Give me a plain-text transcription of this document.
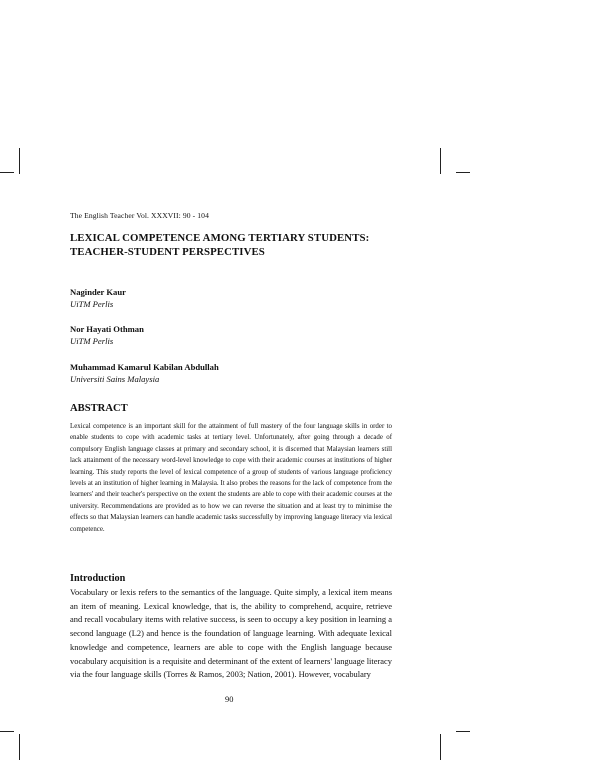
The English Teacher Vol. XXXVII: 90 - 104
LEXICAL COMPETENCE AMONG TERTIARY STUDENTS:
TEACHER-STUDENT PERSPECTIVES
Naginder Kaur
UiTM Perlis
Nor Hayati Othman
UiTM Perlis
Muhammad Kamarul Kabilan Abdullah
Universiti Sains Malaysia
ABSTRACT
Lexical competence is an important skill for the attainment of full mastery of the four language skills in order to enable students to cope with academic tasks at tertiary level. Unfortunately, after going through a decade of compulsory English language classes at primary and secondary school, it is discerned that Malaysian learners still lack attainment of the necessary word-level knowledge to cope with their academic courses at institutions of higher learning. This study reports the level of lexical competence of a group of students of various language proficiency levels at an institution of higher learning in Malaysia. It also probes the reasons for the lack of competence from the learners' and their teacher's perspective on the extent the students are able to cope with their academic courses at the university. Recommendations are provided as to how we can reverse the situation and at least try to minimise the effects so that Malaysian learners can handle academic tasks successfully by improving language literacy via lexical competence.
Introduction
Vocabulary or lexis refers to the semantics of the language. Quite simply, a lexical item means an item of meaning. Lexical knowledge, that is, the ability to comprehend, acquire, retrieve and recall vocabulary items with relative success, is seen to occupy a key position in learning a second language (L2) and hence is the foundation of language learning. With adequate lexical knowledge and competence, learners are able to cope with the English language because vocabulary acquisition is a requisite and determinant of the extent of learners' language literacy via the four language skills (Torres & Ramos, 2003; Nation, 2001). However, vocabulary
90
